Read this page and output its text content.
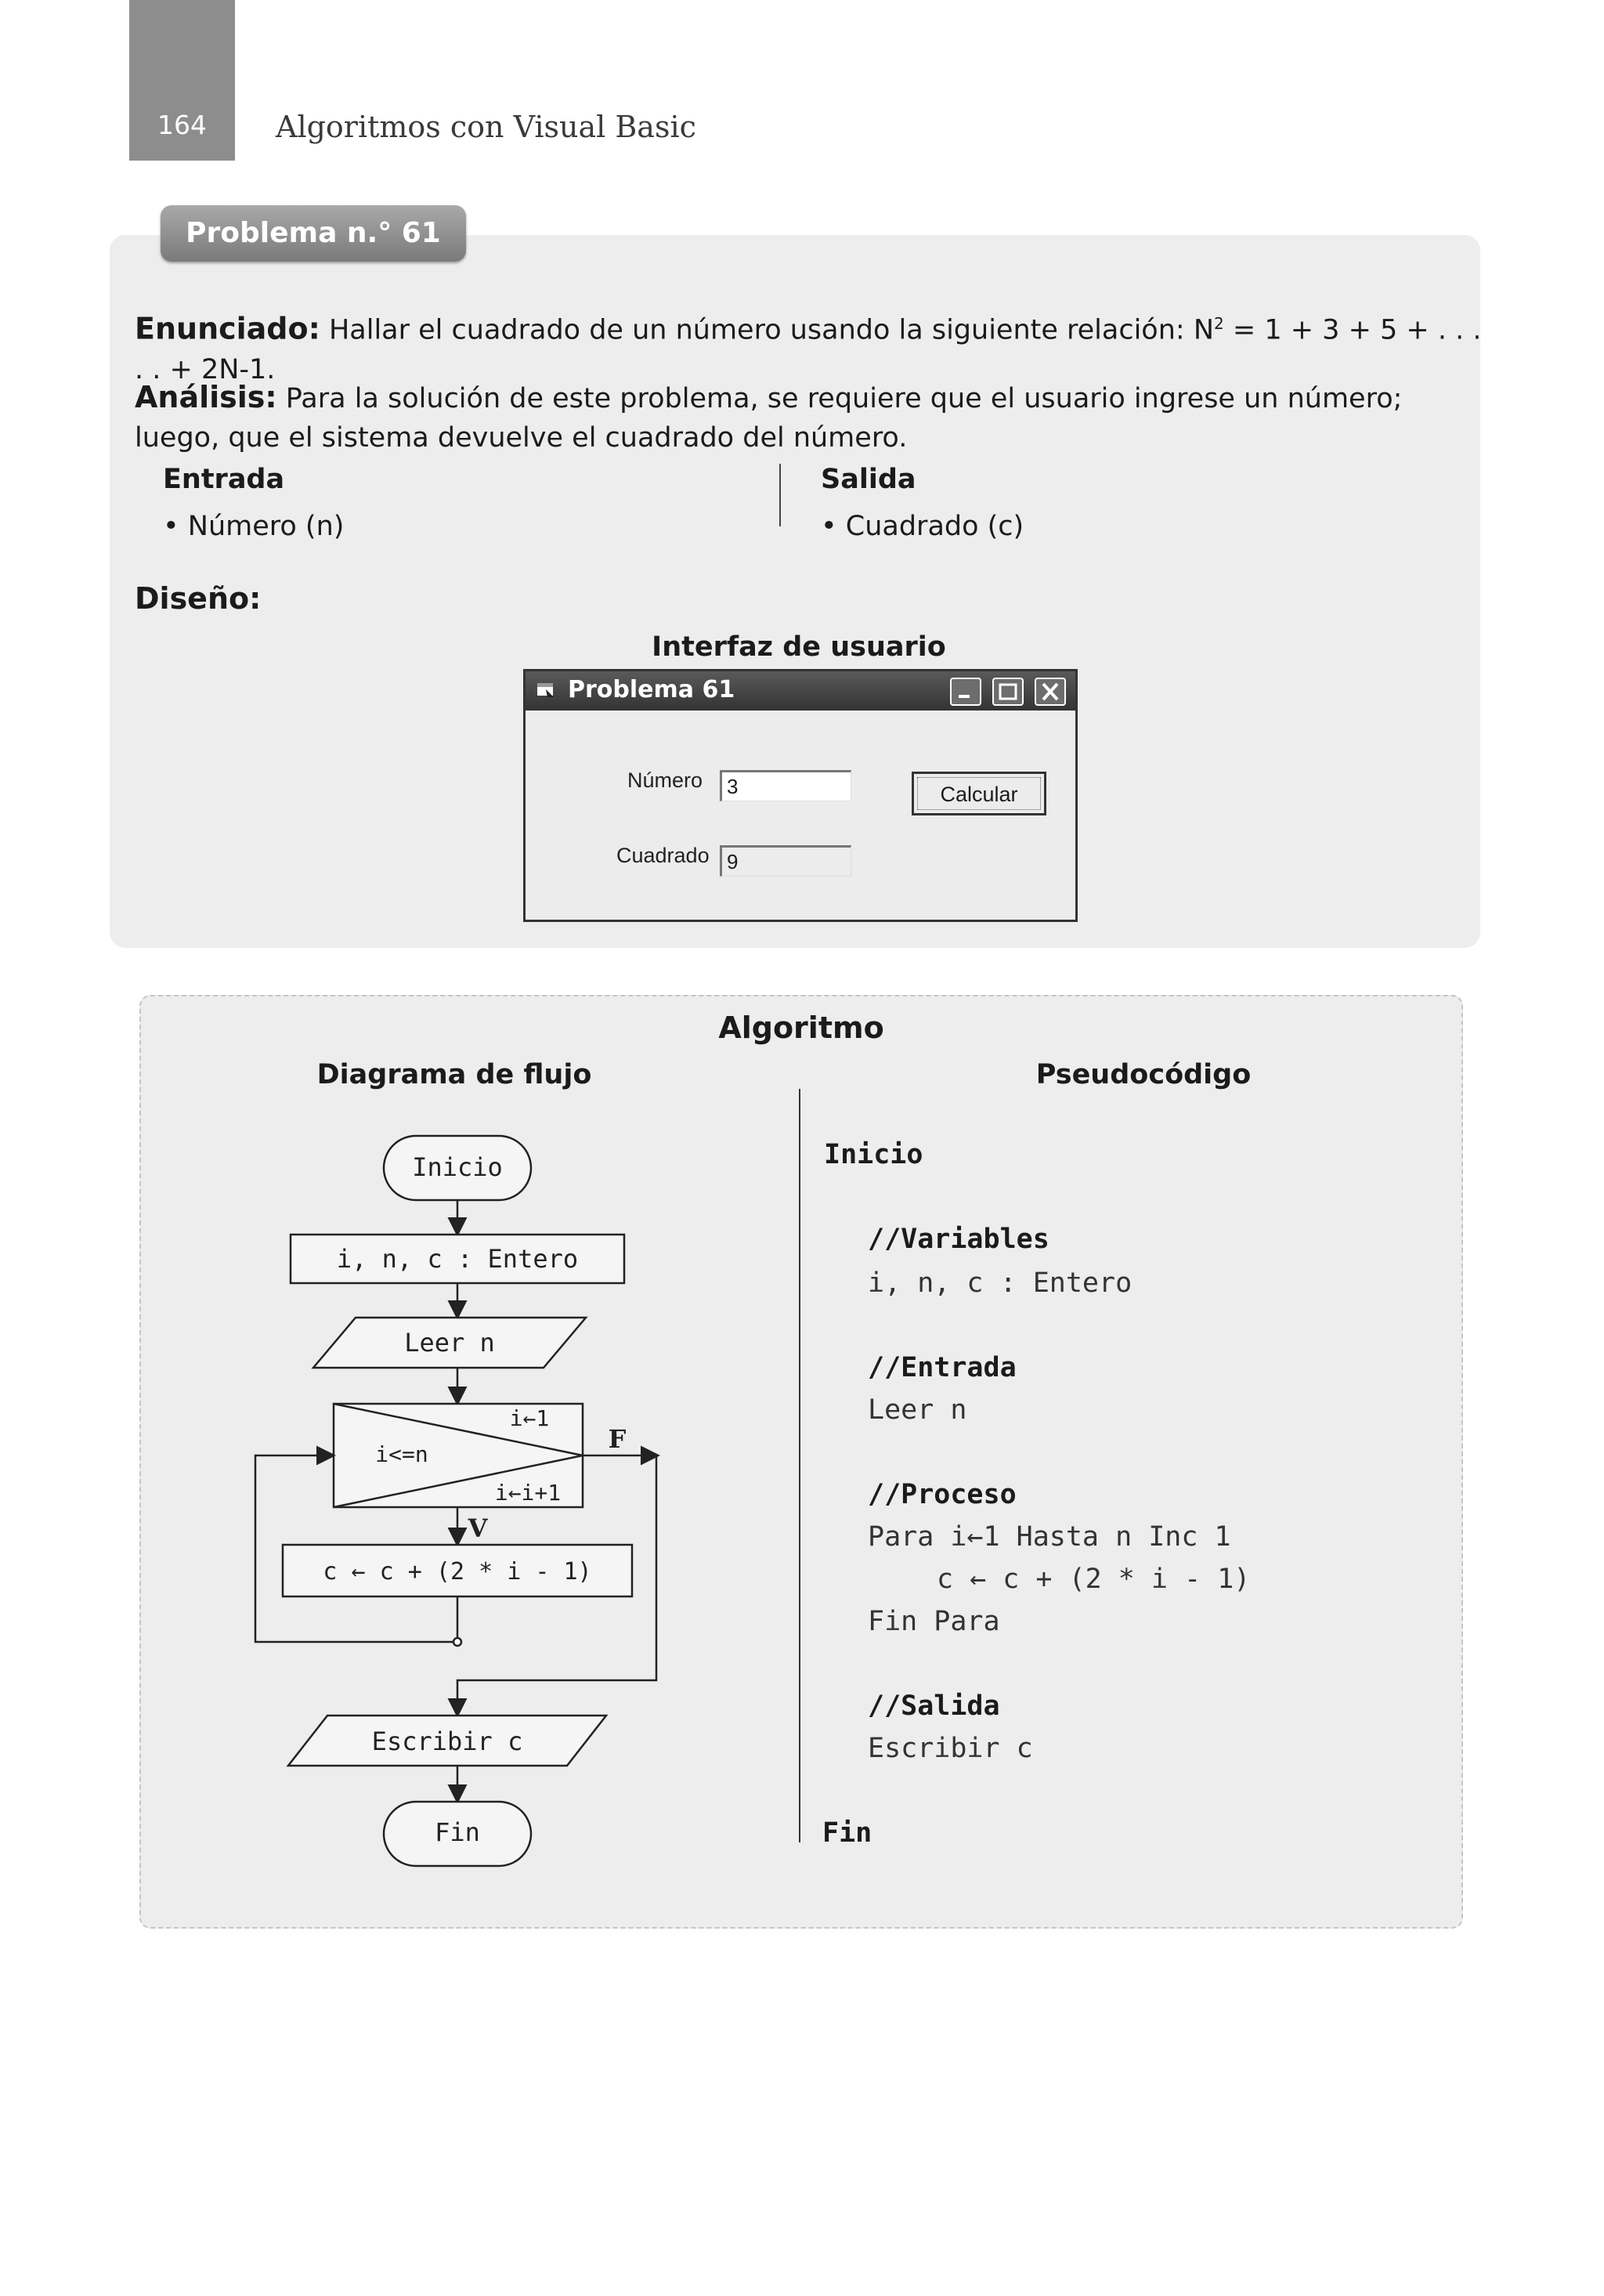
164	Algoritmos con Visual Basic
Problema n.° 61
Enunciado: Hallar el cuadrado de un número usando la siguiente relación: $N^2 = 1 + 3 + 5$ + . . . . . + 2N-1.
Análisis: Para la solución de este problema, se requiere que el usuario ingrese un número; luego, que el sistema devuelve el cuadrado del número.
Entrada
• Número (n)
Salida
• Cuadrado (c)
Diseño:
Interfaz de usuario
Problema 61
Número	3
Cuadrado 9
Calcular
Algoritmo
Diagrama de flujo	Pseudocódigo
Inicio
i, n, c : Entero
Leer n
i←1
i<=n
i←i+1
F
V
c ← c + (2 * i - 1)
Escribir c
Fin
Inicio
//Variables
i, n, c : Entero
//Entrada
Leer n
//Proceso
Para i←1 Hasta n Inc 1
c ← c + (2 * i - 1)
Fin Para
//Salida
Escribir c
Fin
